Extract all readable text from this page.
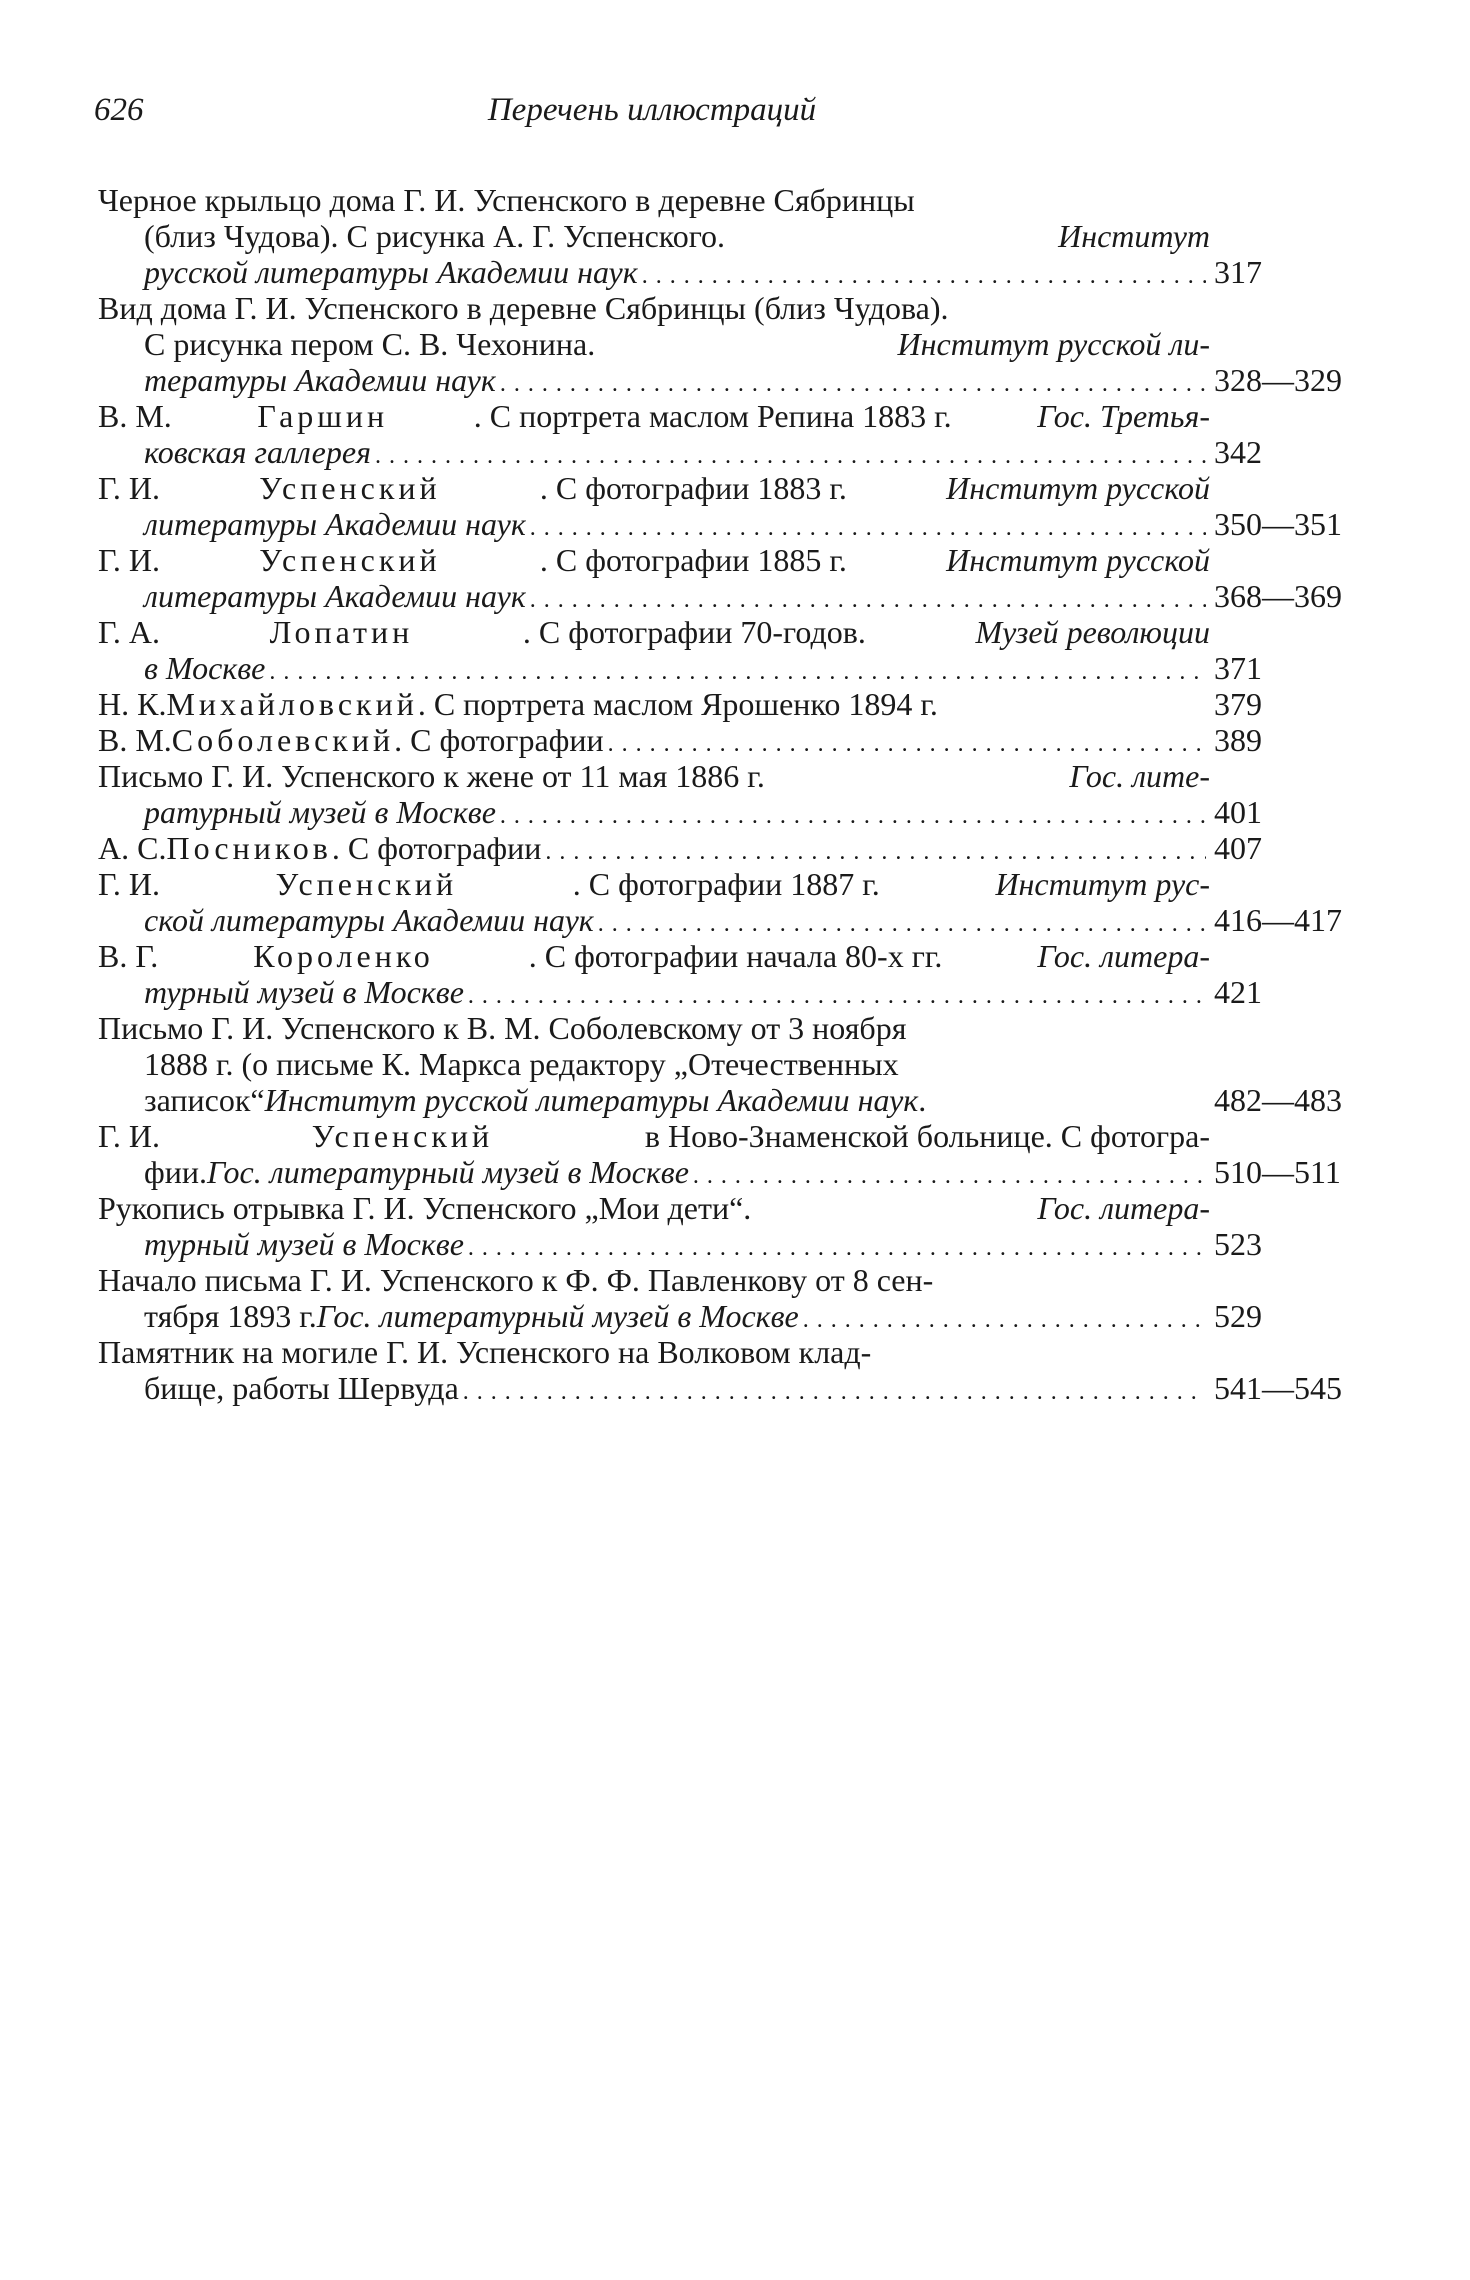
626	Перечень иллюстраций
Черное крыльцо дома Г. И. Успенского в деревне Сябринцы
(близ Чудова). С рисунка А. Г. Успенского.	Институт
русской литературы Академии наук . . .	317
Вид дома Г. И. Успенского в деревне Сябринцы (близ Чудова).
С рисунка пером С. В. Чехонина.	Институт русской ли-
тературы Академии наук . . .	328—329
В. М.	Гаршин	. С портрета маслом Репина 1883 г.	Гос. Третья-
ковская галлерея . . .	342
Г. И.	Успенский	. С фотографии 1883 г.	Институт русской
литературы Академии наук . . .	350—351
Г. И.	Успенский	. С фотографии 1885 г.	Институт русской
литературы Академии наук . . .	368—369
Г. А.	Лопатин	. С фотографии 70-годов.	Музей революции
в Москве . . .	371
Н. К. Михайловский . С портрета маслом Ярошенко 1894 г.	379
В. М. Соболевский . С фотографии . . .	389
Письмо Г. И. Успенского к жене от 11 мая 1886 г.	Гос. лите-
ратурный музей в Москве . . .	401
А. С. Посников . С фотографии . . .	407
Г. И.	Успенский	. С фотографии 1887 г.	Институт рус-
ской литературы Академии наук . . .	416—417
В. Г.	Короленко	. С фотографии начала 80-х гг.	Гос. литера-
турный музей в Москве . . .	421
Письмо Г. И. Успенского к В. М. Соболевскому от 3 ноября
1888 г. (о письме К. Маркса редактору „Отечественных
записок“ Институт русской литературы Академии наук .	482—483
Г. И.	Успенский	в Ново-Знаменской больнице. С фотогра-
фии. Гос. литературный музей в Москве . . .	510—511
Рукопись отрывка Г. И. Успенского „Мои дети“.	Гос. литера-
турный музей в Москве . . .	523
Начало письма Г. И. Успенского к Ф. Ф. Павленкову от 8 сен-
тября 1893 г. Гос. литературный музей в Москве . . .	529
Памятник на могиле Г. И. Успенского на Волковом клад-
бище, работы Шервуда . . .	541—545
